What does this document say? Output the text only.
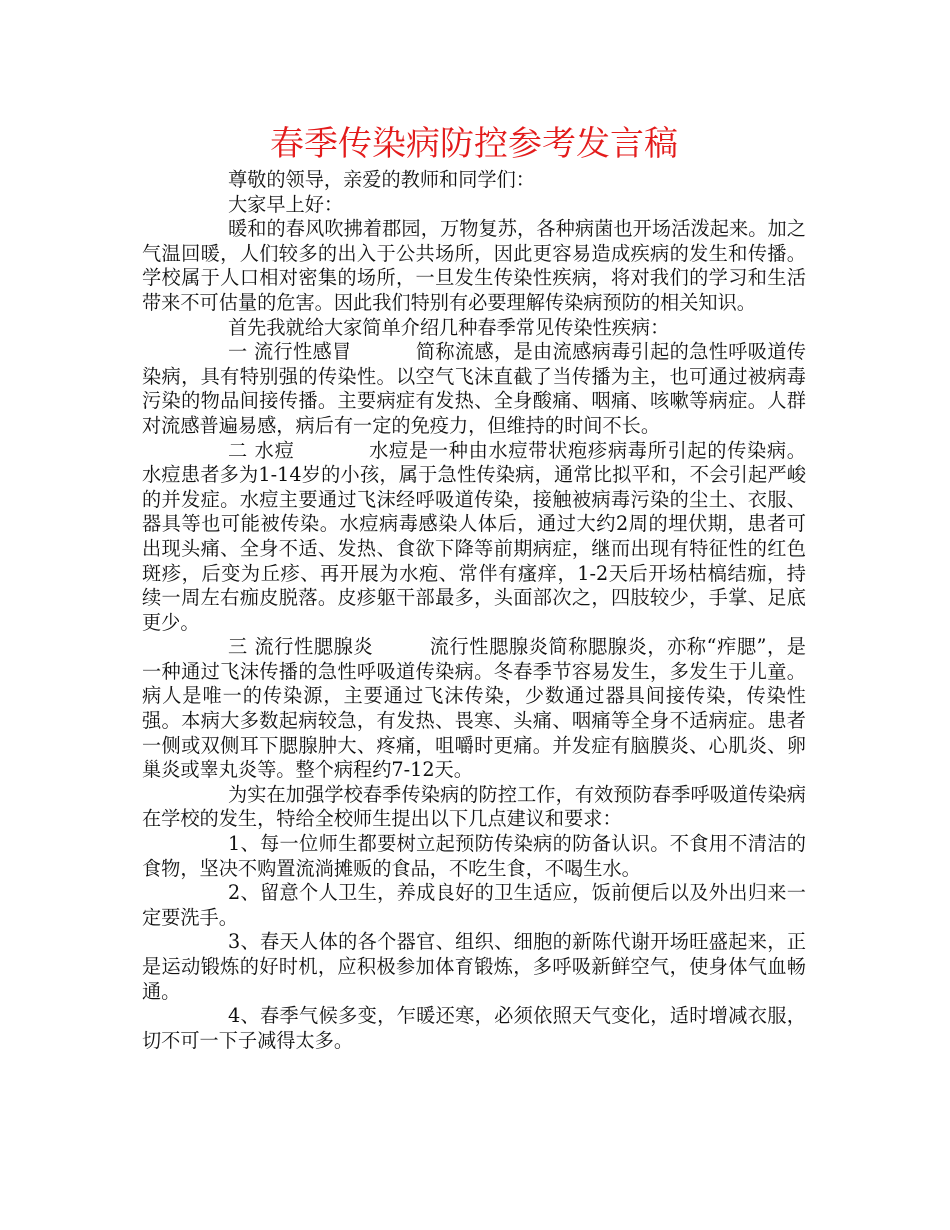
春季传染病防控参考发言稿

尊敬的领导，亲爱的教师和同学们：

大家早上好：

暖和的春风吹拂着郡园，万物复苏，各种病菌也开场活泼起来。加之气温回暖，人们较多的出入于公共场所，因此更容易造成疾病的发生和传播。学校属于人口相对密集的场所，一旦发生传染性疾病，将对我们的学习和生活带来不可估量的危害。因此我们特别有必要理解传染病预防的相关知识。

首先我就给大家简单介绍几种春季常见传染性疾病：

一 流行性感冒	简称流感，是由流感病毒引起的急性呼吸道传染病，具有特别强的传染性。以空气飞沫直截了当传播为主，也可通过被病毒污染的物品间接传播。主要病症有发热、全身酸痛、咽痛、咳嗽等病症。人群对流感普遍易感，病后有一定的免疫力，但维持的时间不长。

二 水痘	水痘是一种由水痘带状疱疹病毒所引起的传染病。水痘患者多为1-14岁的小孩，属于急性传染病，通常比拟平和，不会引起严峻的并发症。水痘主要通过飞沫经呼吸道传染，接触被病毒污染的尘土、衣服、器具等也可能被传染。水痘病毒感染人体后，通过大约2周的埋伏期，患者可出现头痛、全身不适、发热、食欲下降等前期病症，继而出现有特征性的红色斑疹，后变为丘疹、再开展为水疱、常伴有瘙痒，1-2天后开场枯槁结痂，持续一周左右痂皮脱落。皮疹躯干部最多，头面部次之，四肢较少，手掌、足底更少。

三 流行性腮腺炎	流行性腮腺炎简称腮腺炎，亦称“痄腮”，是一种通过飞沫传播的急性呼吸道传染病。冬春季节容易发生，多发生于儿童。病人是唯一的传染源，主要通过飞沫传染，少数通过器具间接传染，传染性强。本病大多数起病较急，有发热、畏寒、头痛、咽痛等全身不适病症。患者一侧或双侧耳下腮腺肿大、疼痛，咀嚼时更痛。并发症有脑膜炎、心肌炎、卵巢炎或睾丸炎等。整个病程约7-12天。

为实在加强学校春季传染病的防控工作，有效预防春季呼吸道传染病在学校的发生，特给全校师生提出以下几点建议和要求：

1、每一位师生都要树立起预防传染病的防备认识。不食用不清洁的食物，坚决不购置流淌摊贩的食品，不吃生食，不喝生水。

2、留意个人卫生，养成良好的卫生适应，饭前便后以及外出归来一定要洗手。

3、春天人体的各个器官、组织、细胞的新陈代谢开场旺盛起来，正是运动锻炼的好时机，应积极参加体育锻炼，多呼吸新鲜空气，使身体气血畅通。

4、春季气候多变，乍暖还寒，必须依照天气变化，适时增减衣服，切不可一下子减得太多。
